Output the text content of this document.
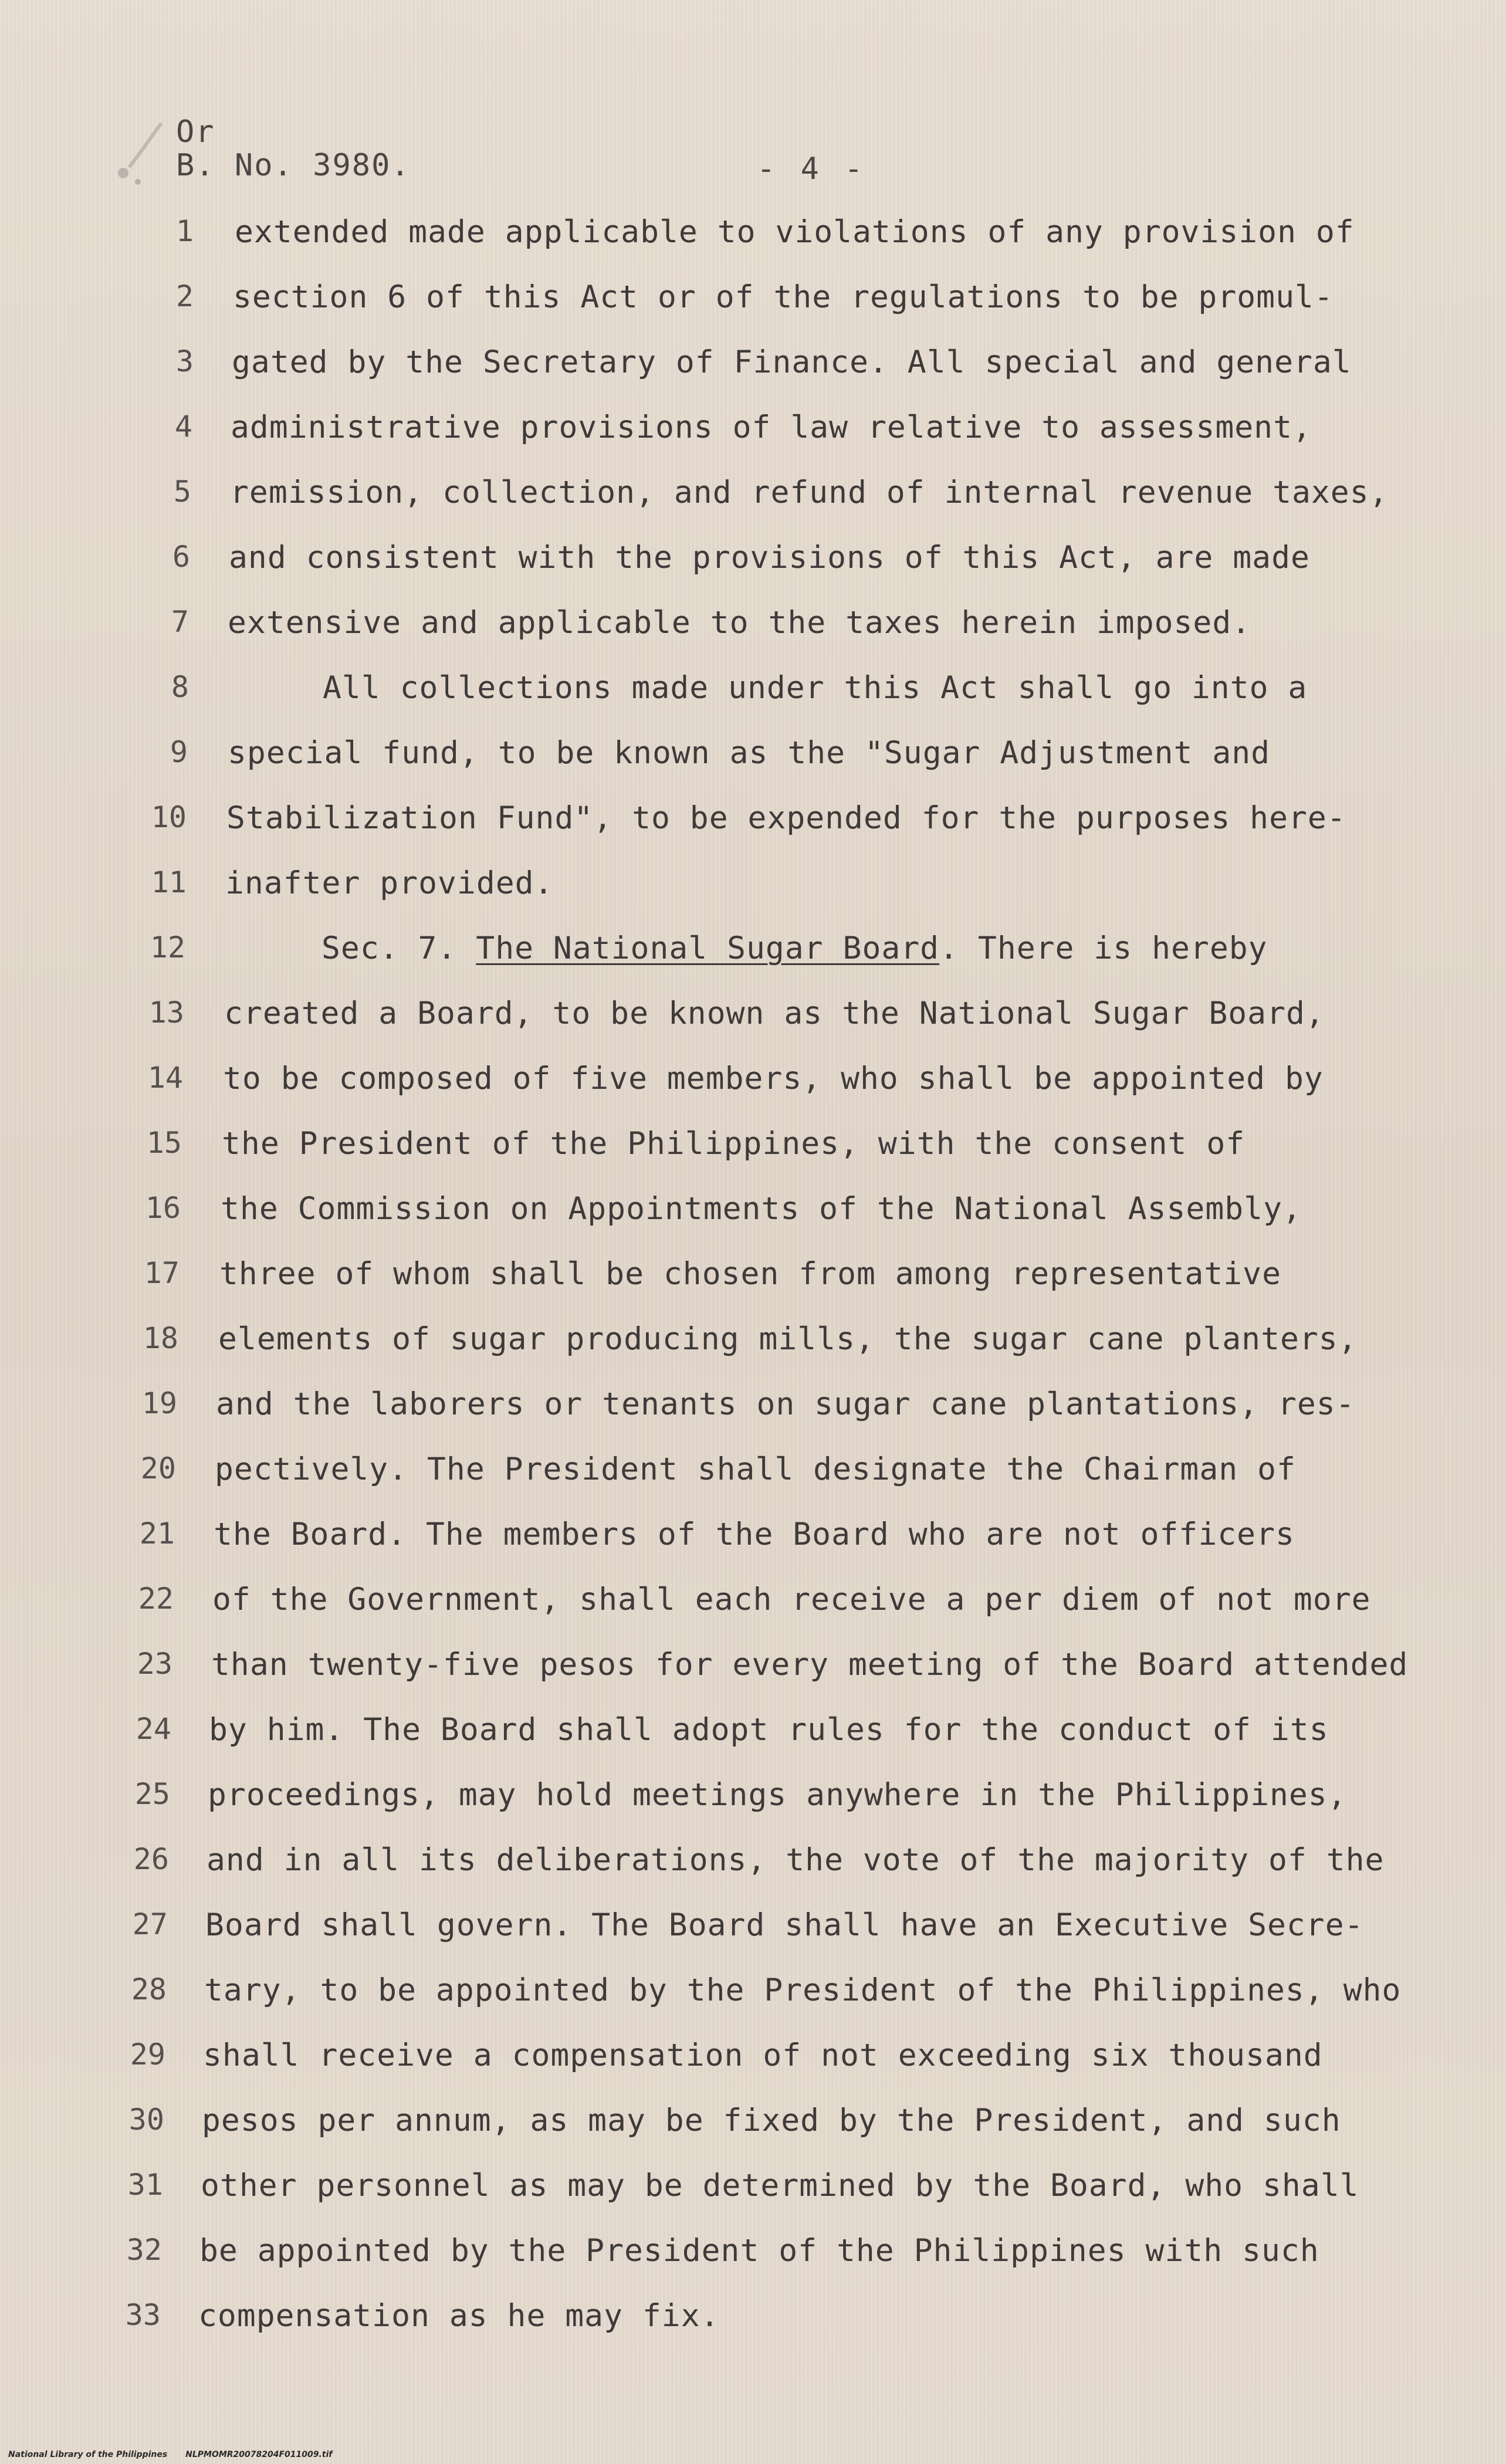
Or
B. No. 3980.	- 4 -
1 extended made applicable to violations of any provision of
2 section 6 of this Act or of the regulations to be promul-
3 gated by the Secretary of Finance. All special and general
4 administrative provisions of law relative to assessment,
5 remission, collection, and refund of internal revenue taxes,
6 and consistent with the provisions of this Act, are made
7 extensive and applicable to the taxes herein imposed.
8	All collections made under this Act shall go into a
9 special fund, to be known as the "Sugar Adjustment and
10 Stabilization Fund", to be expended for the purposes here-
11 inafter provided.
12	Sec. 7. The National Sugar Board. There is hereby
13 created a Board, to be known as the National Sugar Board,
14 to be composed of five members, who shall be appointed by
15 the President of the Philippines, with the consent of
16 the Commission on Appointments of the National Assembly,
17 three of whom shall be chosen from among representative
18 elements of sugar producing mills, the sugar cane planters,
19 and the laborers or tenants on sugar cane plantations, res-
20 pectively. The President shall designate the Chairman of
21 the Board. The members of the Board who are not officers
22 of the Government, shall each receive a per diem of not more
23 than twenty-five pesos for every meeting of the Board attended
24 by him. The Board shall adopt rules for the conduct of its
25 proceedings, may hold meetings anywhere in the Philippines,
26 and in all its deliberations, the vote of the majority of the
27 Board shall govern. The Board shall have an Executive Secre-
28 tary, to be appointed by the President of the Philippines, who
29 shall receive a compensation of not exceeding six thousand
30 pesos per annum, as may be fixed by the President, and such
31 other personnel as may be determined by the Board, who shall
32 be appointed by the President of the Philippines with such
33 compensation as he may fix.
National Library of the Philippines NLPMOMR20078204F011009.tif
